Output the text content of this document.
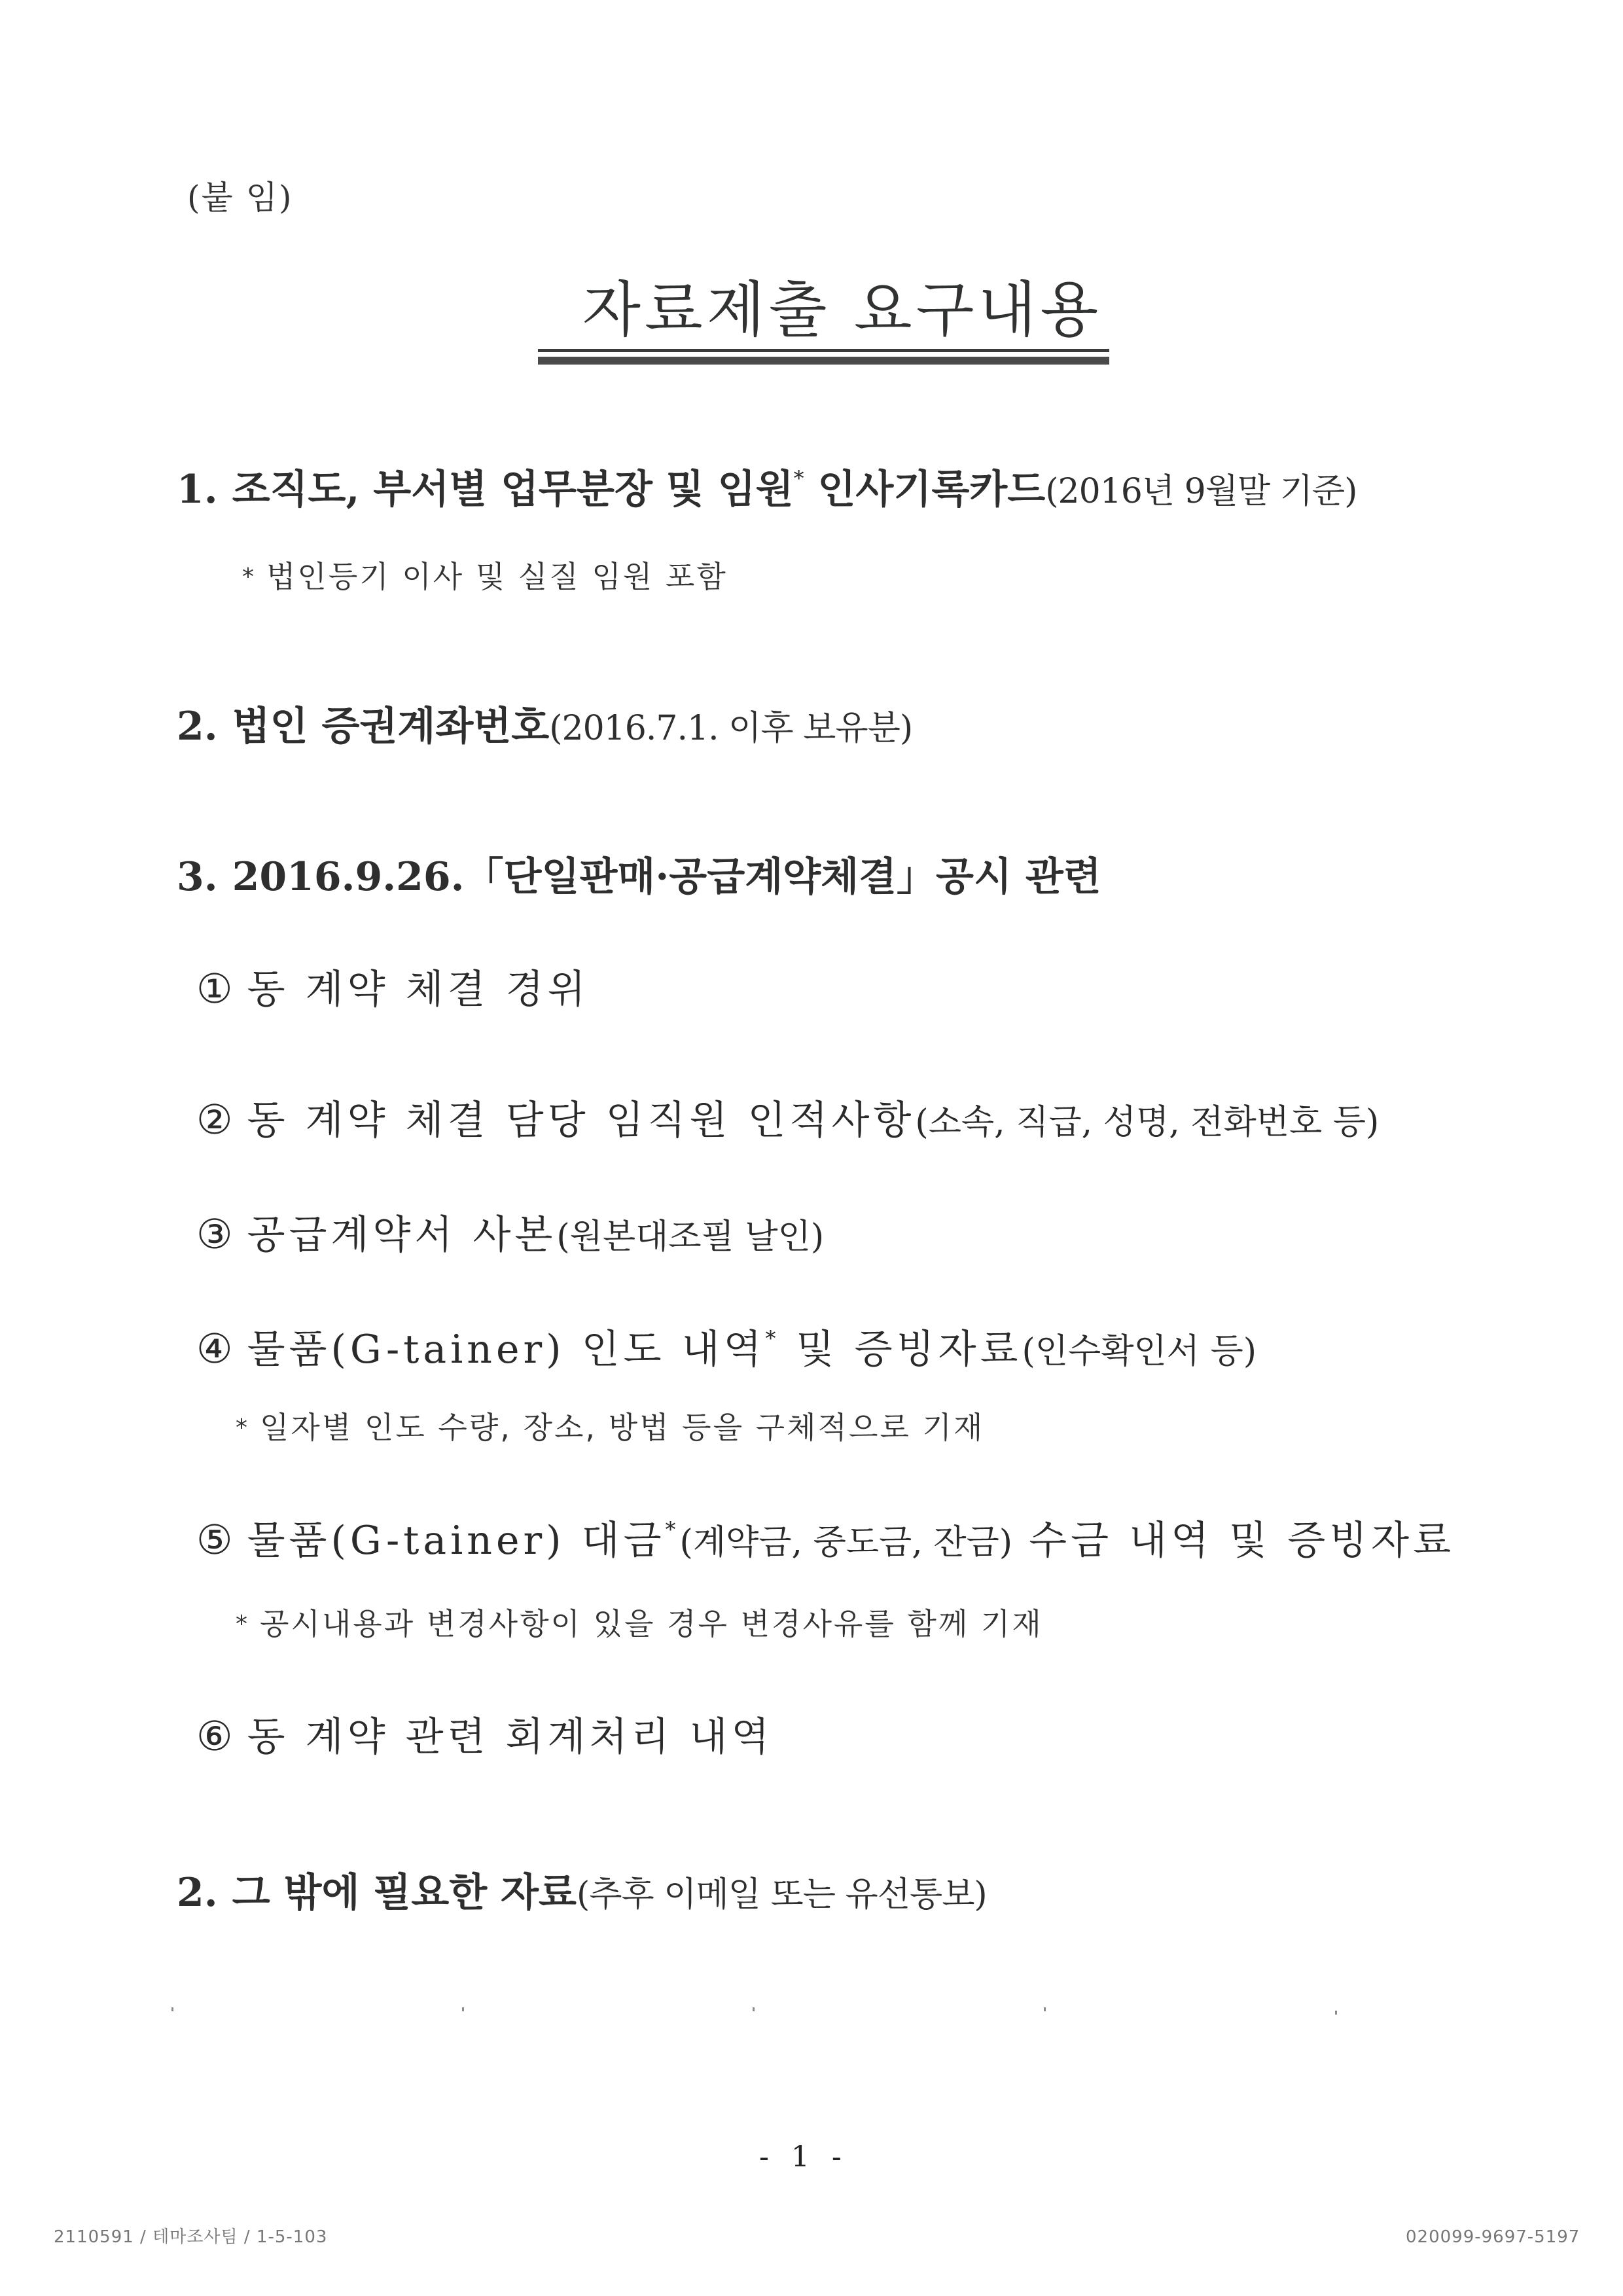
(붙 임)
자료제출 요구내용
1. 조직도, 부서별 업무분장 및 임원* 인사기록카드(2016년 9월말 기준)
* 법인등기 이사 및 실질 임원 포함
2. 법인 증권계좌번호(2016.7.1. 이후 보유분)
3. 2016.9.26.「단일판매·공급계약체결」공시 관련
① 동 계약 체결 경위
② 동 계약 체결 담당 임직원 인적사항(소속, 직급, 성명, 전화번호 등)
③ 공급계약서 사본(원본대조필 날인)
④ 물품(G-tainer) 인도 내역* 및 증빙자료(인수확인서 등)
* 일자별 인도 수량, 장소, 방법 등을 구체적으로 기재
⑤ 물품(G-tainer) 대금*(계약금, 중도금, 잔금) 수금 내역 및 증빙자료
* 공시내용과 변경사항이 있을 경우 변경사유를 함께 기재
⑥ 동 계약 관련 회계처리 내역
2. 그 밖에 필요한 자료(추후 이메일 또는 유선통보)
- 1 -
2110591 / 테마조사팀 / 1-5-103	020099-9697-5197
